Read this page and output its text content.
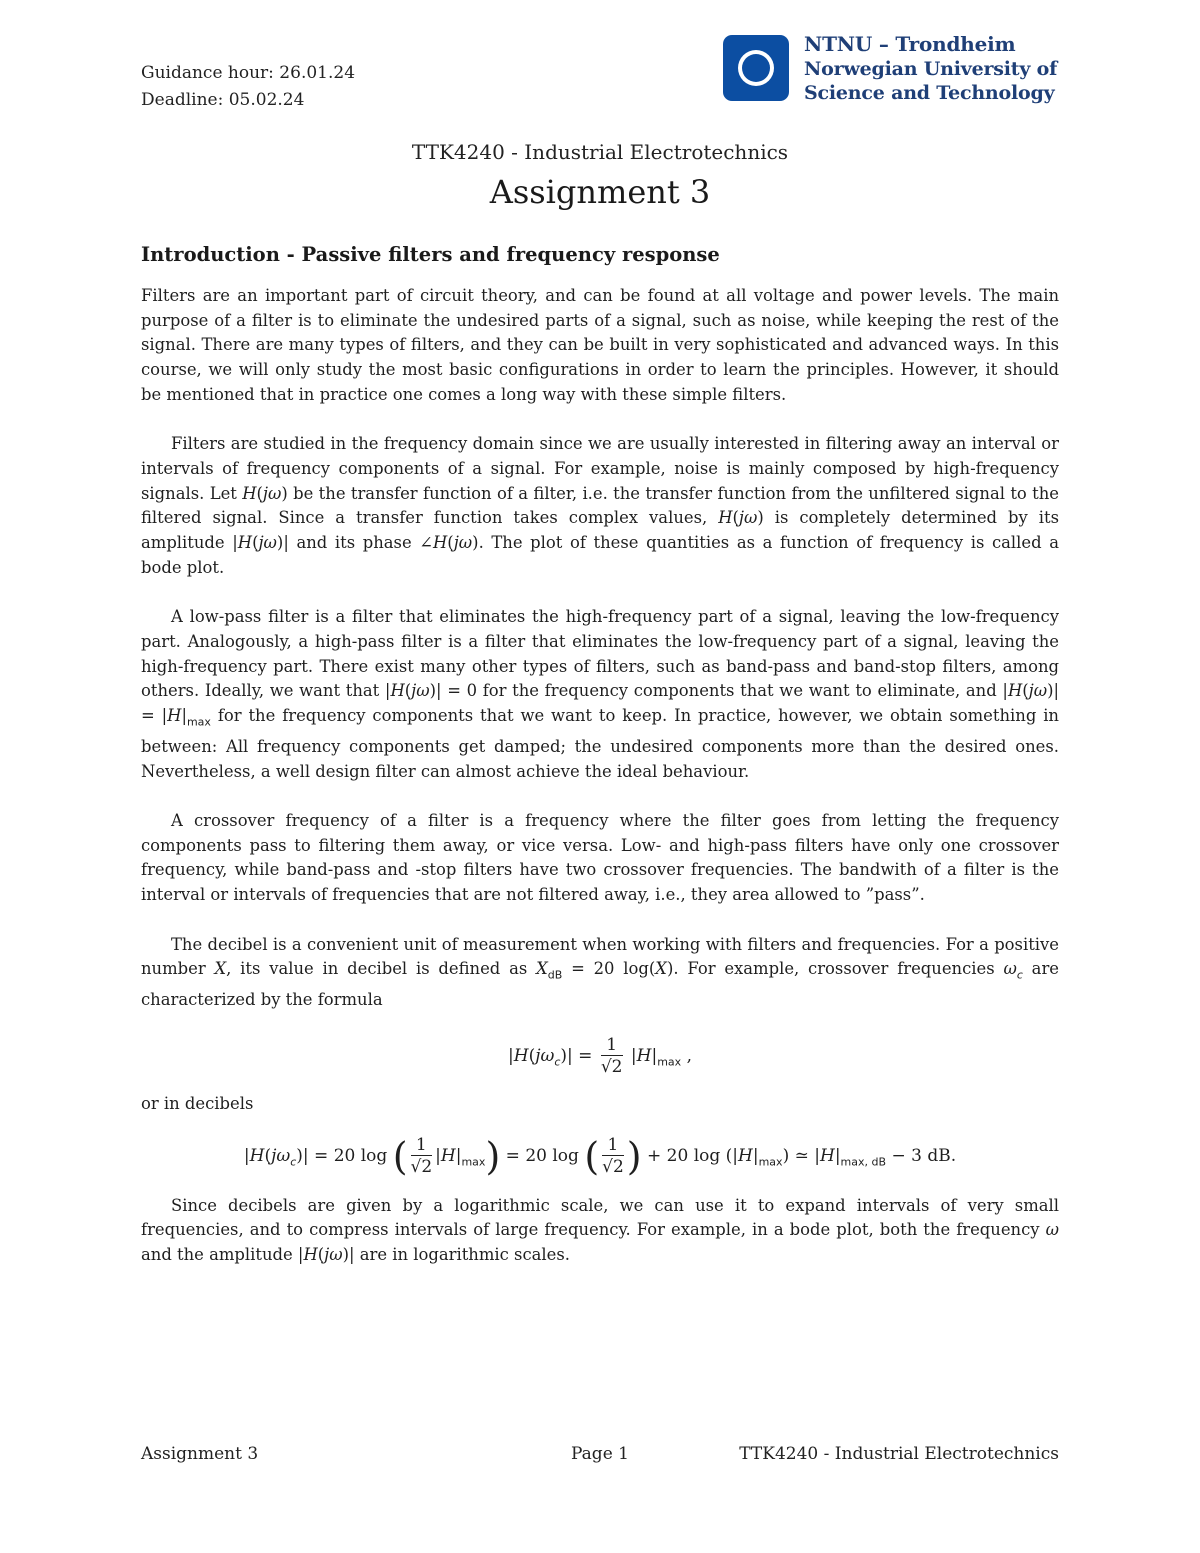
Guidance hour: 26.01.24
Deadline: 05.02.24
NTNU – Trondheim
Norwegian University of
Science and Technology
TTK4240 - Industrial Electrotechnics
Assignment 3
Introduction - Passive filters and frequency response

Filters are an important part of circuit theory, and can be found at all voltage and power levels. The main purpose of a filter is to eliminate the undesired parts of a signal, such as noise, while keeping the rest of the signal. There are many types of filters, and they can be built in very sophisticated and advanced ways. In this course, we will only study the most basic configurations in order to learn the principles. However, it should be mentioned that in practice one comes a long way with these simple filters.

Filters are studied in the frequency domain since we are usually interested in filtering away an interval or intervals of frequency components of a signal. For example, noise is mainly composed by high-frequency signals. Let H(jω) be the transfer function of a filter, i.e. the transfer function from the unfiltered signal to the filtered signal. Since a transfer function takes complex values, H(jω) is completely determined by its amplitude |H(jω)| and its phase ∠H(jω). The plot of these quantities as a function of frequency is called a bode plot.

A low-pass filter is a filter that eliminates the high-frequency part of a signal, leaving the low-frequency part. Analogously, a high-pass filter is a filter that eliminates the low-frequency part of a signal, leaving the high-frequency part. There exist many other types of filters, such as band-pass and band-stop filters, among others. Ideally, we want that |H(jω)| = 0 for the frequency components that we want to eliminate, and $|H(j\omega)| = |H|_{max}$ for the frequency components that we want to keep. In practice, however, we obtain something in between: All frequency components get damped; the undesired components more than the desired ones. Nevertheless, a well design filter can almost achieve the ideal behaviour.

A crossover frequency of a filter is a frequency where the filter goes from letting the frequency components pass to filtering them away, or vice versa. Low- and high-pass filters have only one crossover frequency, while band-pass and -stop filters have two crossover frequencies. The bandwith of a filter is the interval or intervals of frequencies that are not filtered away, i.e., they area allowed to ”pass”.

The decibel is a convenient unit of measurement when working with filters and frequencies. For a positive number X, its value in decibel is defined as $X_{dB} = 20$ log(X). For example, crossover frequencies $\omega_c$ are characterized by the formula

$|H(j\omega_c)| = \frac{1}{√2} |H|_{max}$ ,

or in decibels

$|H(j\omega_c)| = 20$ log ( $\frac{1}{√2} |H|_{max}) = 20$ log ( $\frac{1}{√2}$ ) + 20 $\log (|H|_{max})$ ≃ $|H|_{max, dB} - 3$ dB.

Since decibels are given by a logarithmic scale, we can use it to expand intervals of very small frequencies, and to compress intervals of large frequency. For example, in a bode plot, both the frequency ω and the amplitude |H(jω)| are in logarithmic scales.

Assignment 3	Page 1	TTK4240 - Industrial Electrotechnics
